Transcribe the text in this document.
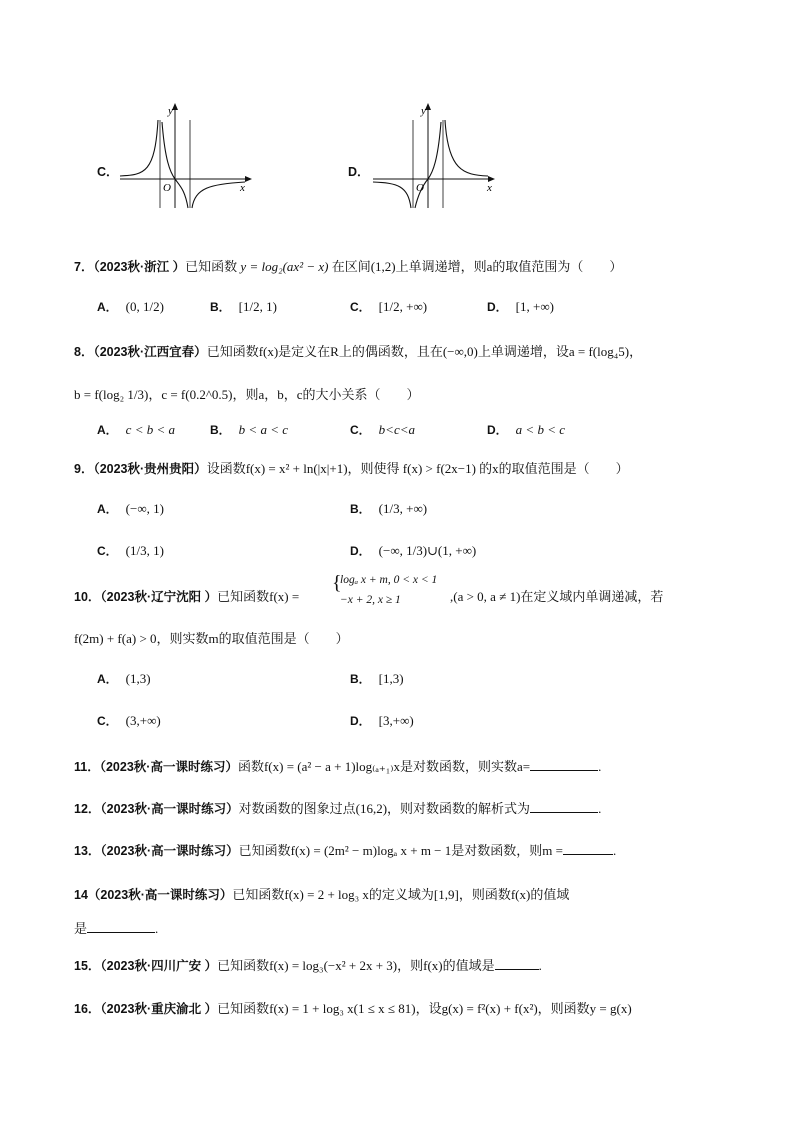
C．
y
x
O
D．
y
x
O
7．（2023秋·浙江 ）已知函数 y = log₂(ax² − x) 在区间(1,2)上单调递增，则a的取值范围为（　　）
A． (0, 1/2)	B． [1/2, 1)	C． [1/2, +∞)	D． [1, +∞)
8．（2023秋·江西宜春）已知函数f(x)是定义在R上的偶函数，且在(−∞,0)上单调递增，设a = f(log₄5)，
b = f(log₂ 1/3)，c = f(0.2^0.5)，则a，b，c的大小关系（　　）
A． c < b < a	B． b < a < c	C． b<c<a	D． a < b < c
9．（2023秋·贵州贵阳）设函数f(x) = x² + ln(|x|+1)，则使得 f(x) > f(2x−1) 的x的取值范围是（　　）
A． (−∞, 1)	B． (1/3, +∞)
C． (1/3, 1)	D． (−∞, 1/3)∪(1, +∞)
10．（2023秋·辽宁沈阳 ）已知函数f(x) =
{
logₐ x + m, 0 < x < 1
−x + 2, x ≥ 1	,(a > 0, a ≠ 1)在定义域内单调递减，若
f(2m) + f(a) > 0，则实数m的取值范围是（　　）
A． (1,3)	B． [1,3)
C． (3,+∞)	D． [3,+∞)
11．（2023秋·高一课时练习）函数f(x) = (a² − a + 1)log₍ₐ₊₁₎x是对数函数，则实数a=	.
12．（2023秋·高一课时练习）对数函数的图象过点(16,2)，则对数函数的解析式为	.
13．（2023秋·高一课时练习）已知函数f(x) = (2m² − m)logₐ x + m − 1是对数函数，则m =	.
14（2023秋·高一课时练习）已知函数f(x) = 2 + log₃ x的定义域为[1,9]，则函数f(x)的值域
是	.
15．（2023秋·四川广安 ）已知函数f(x) = log₃(−x² + 2x + 3)，则f(x)的值域是	.
16．（2023秋·重庆渝北 ）已知函数f(x) = 1 + log₃ x(1 ≤ x ≤ 81)，设g(x) = f²(x) + f(x²)，则函数y = g(x)
